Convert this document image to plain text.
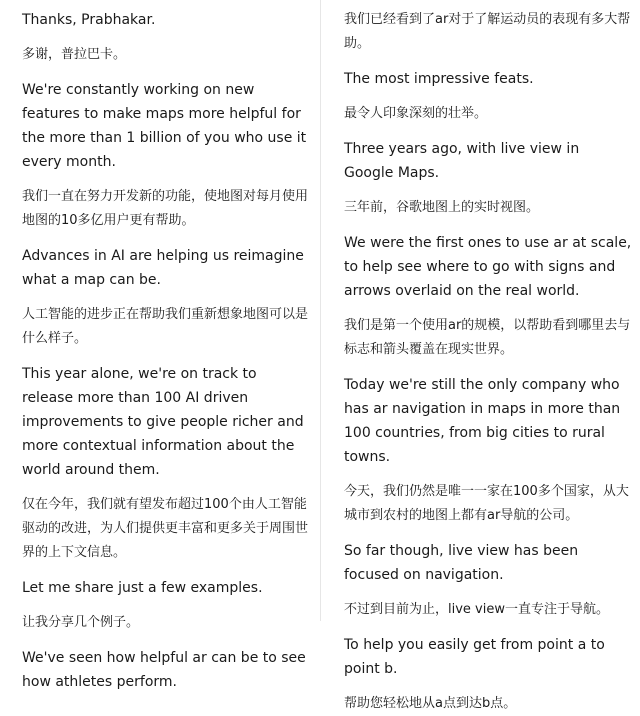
Thanks, Prabhakar.

多谢，普拉巴卡。

We're constantly working on new features to make maps more helpful for the more than 1 billion of you who use it every month.

我们一直在努力开发新的功能，使地图对每月使用地图的10多亿用户更有帮助。

Advances in AI are helping us reimagine what a map can be.

人工智能的进步正在帮助我们重新想象地图可以是什么样子。

This year alone, we're on track to release more than 100 AI driven improvements to give people richer and more contextual information about the world around them.

仅在今年，我们就有望发布超过100个由人工智能驱动的改进，为人们提供更丰富和更多关于周围世界的上下文信息。

Let me share just a few examples.

让我分享几个例子。

We've seen how helpful ar can be to see how athletes perform.

我们已经看到了ar对于了解运动员的表现有多大帮助。

The most impressive feats.

最令人印象深刻的壮举。

Three years ago, with live view in Google Maps.

三年前，谷歌地图上的实时视图。

We were the first ones to use ar at scale, to help see where to go with signs and arrows overlaid on the real world.

我们是第一个使用ar的规模，以帮助看到哪里去与标志和箭头覆盖在现实世界。

Today we're still the only company who has ar navigation in maps in more than 100 countries, from big cities to rural towns.

今天，我们仍然是唯一一家在100多个国家，从大城市到农村的地图上都有ar导航的公司。

So far though, live view has been focused on navigation.

不过到目前为止，live view一直专注于导航。

To help you easily get from point a to point b.

帮助您轻松地从a点到达b点。
